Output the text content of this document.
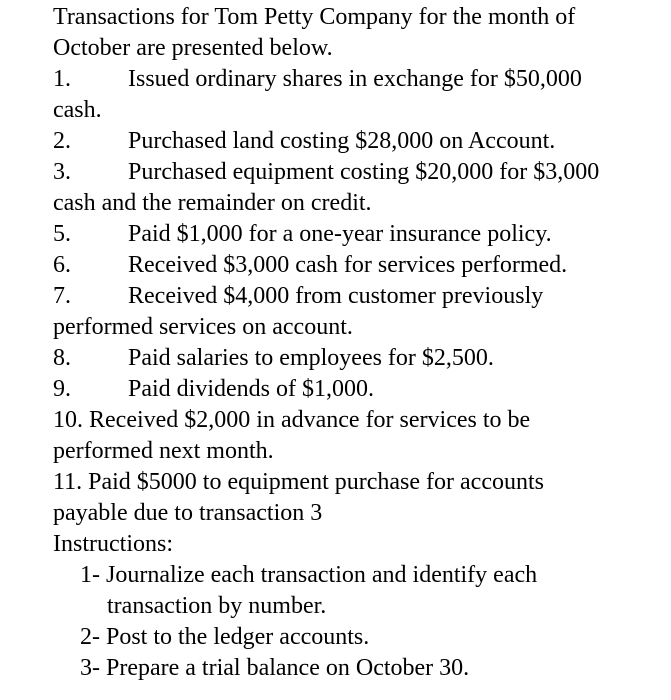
Transactions for Tom Petty Company for the month of
October are presented below.
1. Issued ordinary shares in exchange for $50,000
cash.
2. Purchased land costing $28,000 on Account.
3. Purchased equipment costing $20,000 for $3,000
cash and the remainder on credit.
5. Paid $1,000 for a one-year insurance policy.
6. Received $3,000 cash for services performed.
7. Received $4,000 from customer previously
performed services on account.
8. Paid salaries to employees for $2,500.
9. Paid dividends of $1,000.
10. Received $2,000 in advance for services to be
performed next month.
11. Paid $5000 to equipment purchase for accounts
payable due to transaction 3
Instructions:
1- Journalize each transaction and identify each
transaction by number.
2- Post to the ledger accounts.
3- Prepare a trial balance on October 30.
